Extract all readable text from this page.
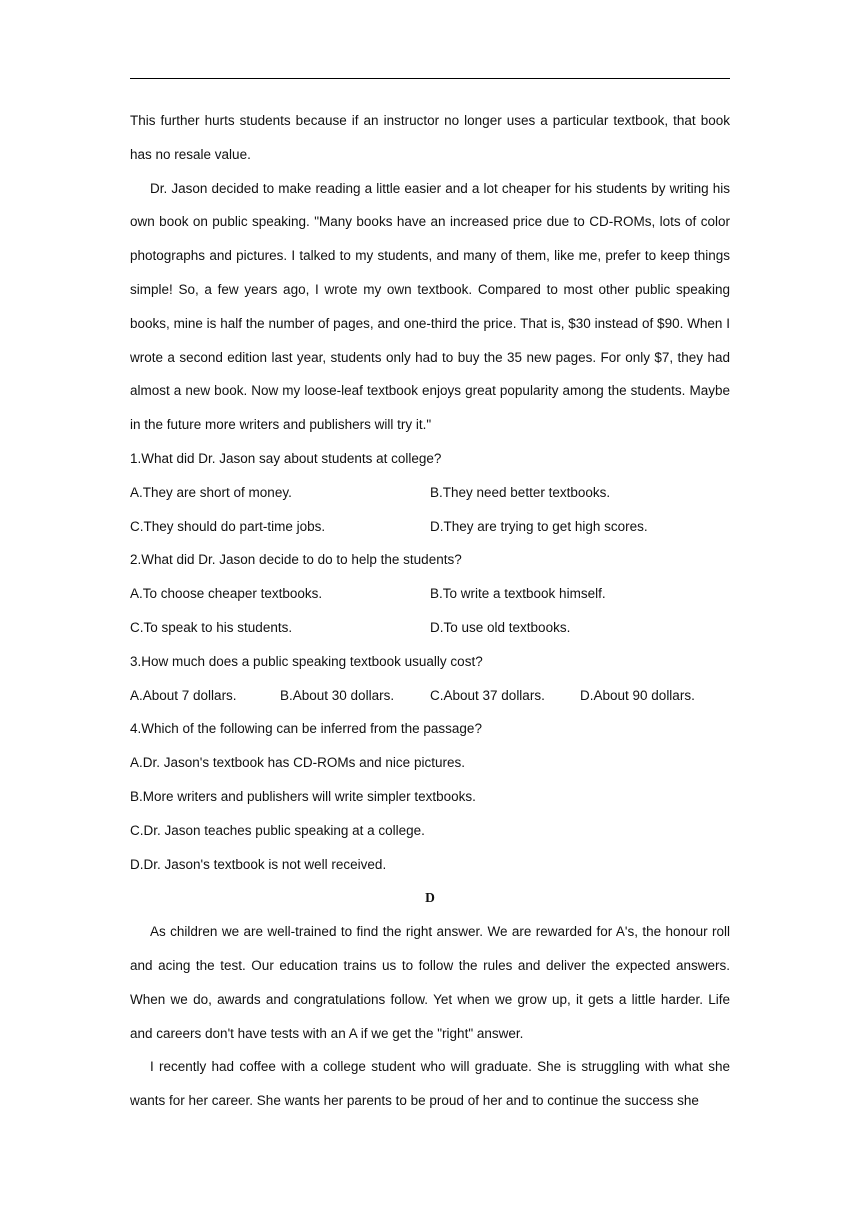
This further hurts students because if an instructor no longer uses a particular textbook, that book has no resale value.

Dr. Jason decided to make reading a little easier and a lot cheaper for his students by writing his own book on public speaking. "Many books have an increased price due to CD-ROMs, lots of color photographs and pictures. I talked to my students, and many of them, like me, prefer to keep things simple! So, a few years ago, I wrote my own textbook. Compared to most other public speaking books, mine is half the number of pages, and one-third the price. That is, $30 instead of $90. When I wrote a second edition last year, students only had to buy the 35 new pages. For only $7, they had almost a new book. Now my loose-leaf textbook enjoys great popularity among the students. Maybe in the future more writers and publishers will try it."

1.What did Dr. Jason say about students at college?

A.They are short of money.	B.They need better textbooks.
C.They should do part-time jobs.	D.They are trying to get high scores.

2.What did Dr. Jason decide to do to help the students?

A.To choose cheaper textbooks.	B.To write a textbook himself.
C.To speak to his students.	D.To use old textbooks.

3.How much does a public speaking textbook usually cost?

A.About 7 dollars.	B.About 30 dollars.	C.About 37 dollars.	D.About 90 dollars.

4.Which of the following can be inferred from the passage?

A.Dr. Jason's textbook has CD-ROMs and nice pictures.

B.More writers and publishers will write simpler textbooks.

C.Dr. Jason teaches public speaking at a college.

D.Dr. Jason's textbook is not well received.

D

As children we are well-trained to find the right answer. We are rewarded for A's, the honour roll and acing the test. Our education trains us to follow the rules and deliver the expected answers. When we do, awards and congratulations follow. Yet when we grow up, it gets a little harder. Life and careers don't have tests with an A if we get the "right" answer.

I recently had coffee with a college student who will graduate. She is struggling with what she wants for her career. She wants her parents to be proud of her and to continue the success she
